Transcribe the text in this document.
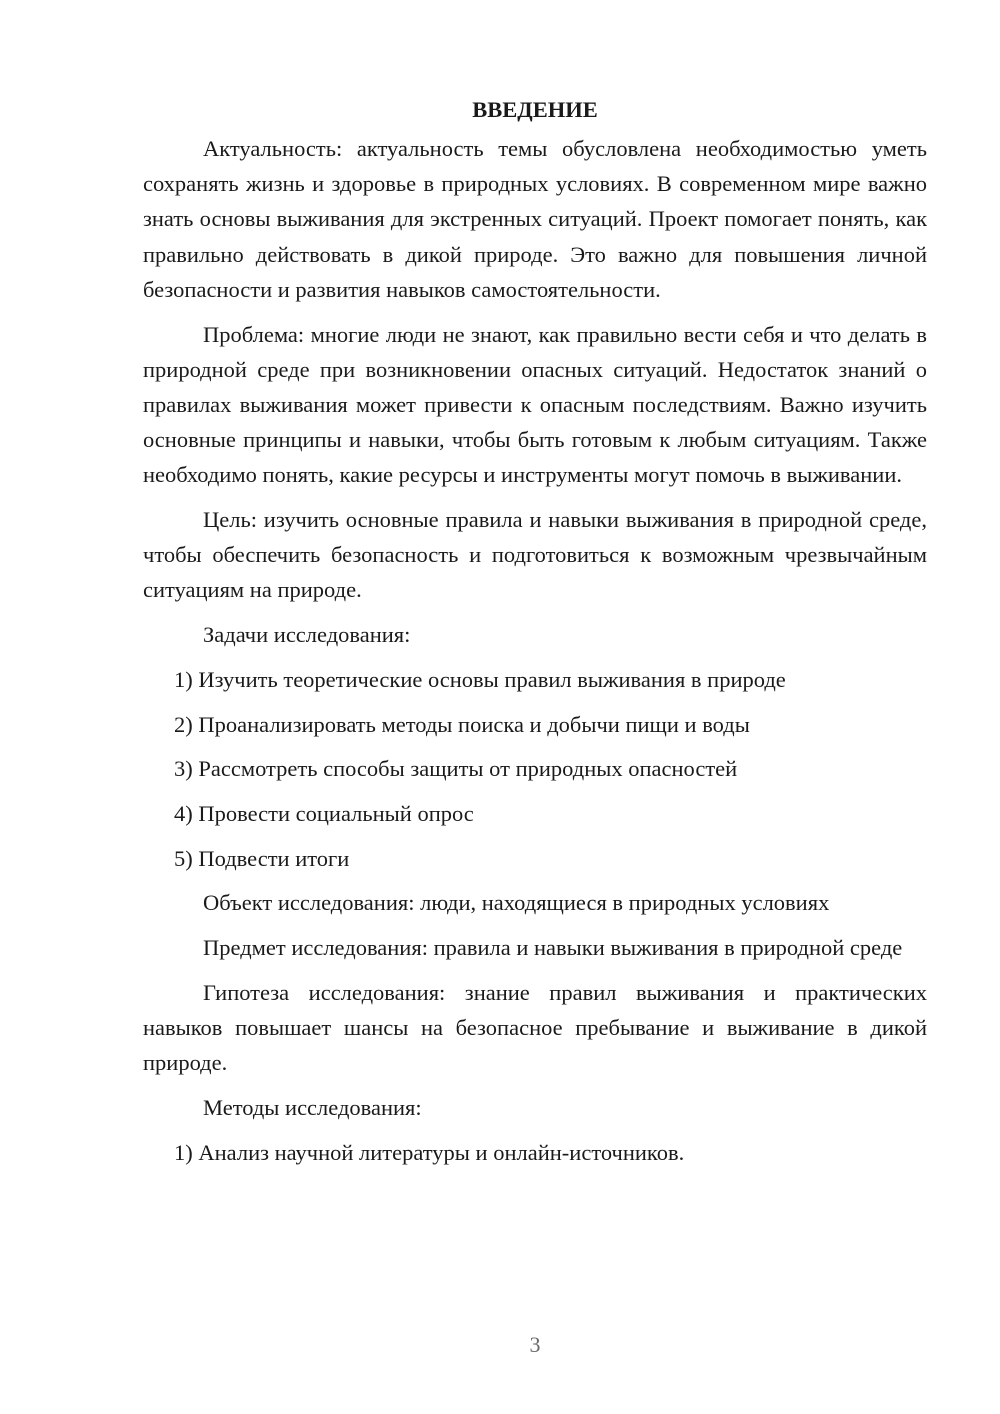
ВВЕДЕНИЕ

Актуальность: актуальность темы обусловлена необходимостью уметь сохранять жизнь и здоровье в природных условиях. В современном мире важно знать основы выживания для экстренных ситуаций. Проект помогает понять, как правильно действовать в дикой природе. Это важно для повышения личной безопасности и развития навыков самостоятельности.

Проблема: многие люди не знают, как правильно вести себя и что делать в природной среде при возникновении опасных ситуаций. Недостаток знаний о правилах выживания может привести к опасным последствиям. Важно изучить основные принципы и навыки, чтобы быть готовым к любым ситуациям. Также необходимо понять, какие ресурсы и инструменты могут помочь в выживании.

Цель: изучить основные правила и навыки выживания в природной среде, чтобы обеспечить безопасность и подготовиться к возможным чрезвычайным ситуациям на природе.

Задачи исследования:

1) Изучить теоретические основы правил выживания в природе

2) Проанализировать методы поиска и добычи пищи и воды

3) Рассмотреть способы защиты от природных опасностей

4) Провести социальный опрос

5) Подвести итоги

Объект исследования: люди, находящиеся в природных условиях

Предмет исследования: правила и навыки выживания в природной среде

Гипотеза исследования: знание правил выживания и практических навыков повышает шансы на безопасное пребывание и выживание в дикой природе.

Методы исследования:

1) Анализ научной литературы и онлайн-источников.

3
